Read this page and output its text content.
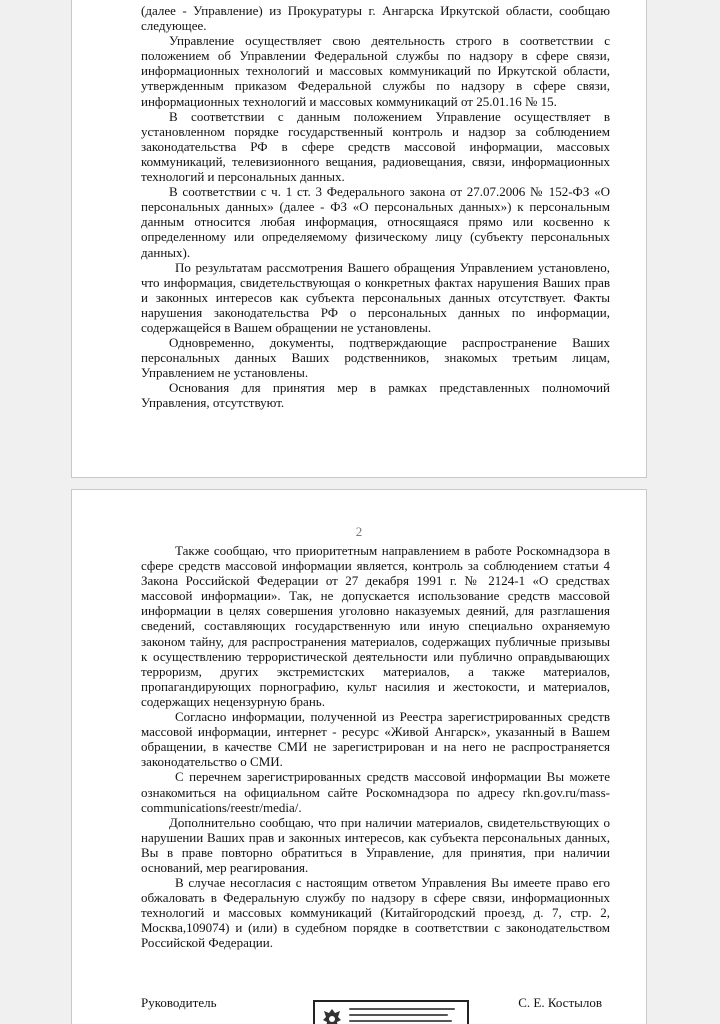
(далее - Управление) из Прокуратуры г. Ангарска Иркутской области, сообщаю следующее.

Управление осуществляет свою деятельность строго в соответствии с положением об Управлении Федеральной службы по надзору в сфере связи, информационных технологий и массовых коммуникаций по Иркутской области, утвержденным приказом Федеральной службы по надзору в сфере связи, информационных технологий и массовых коммуникаций от 25.01.16 № 15.

В соответствии с данным положением Управление осуществляет в установленном порядке государственный контроль и надзор за соблюдением законодательства РФ в сфере средств массовой информации, массовых коммуникаций, телевизионного вещания, радиовещания, связи, информационных технологий и персональных данных.

В соответствии с ч. 1 ст. 3 Федерального закона от 27.07.2006 № 152-ФЗ «О персональных данных» (далее - ФЗ «О персональных данных») к персональным данным относится любая информация, относящаяся прямо или косвенно к определенному или определяемому физическому лицу (субъекту персональных данных).

По результатам рассмотрения Вашего обращения Управлением установлено, что информация, свидетельствующая о конкретных фактах нарушения Ваших прав и законных интересов как субъекта персональных данных отсутствует. Факты нарушения законодательства РФ о персональных данных по информации, содержащейся в Вашем обращении не установлены.

Одновременно, документы, подтверждающие распространение Ваших персональных данных Ваших родственников, знакомых третьим лицам, Управлением не установлены.

Основания для принятия мер в рамках представленных полномочий Управления, отсутствуют.

2

Также сообщаю, что приоритетным направлением в работе Роскомнадзора в сфере средств массовой информации является, контроль за соблюдением статьи 4 Закона Российской Федерации от 27 декабря 1991 г. № 2124-1 «О средствах массовой информации». Так, не допускается использование средств массовой информации в целях совершения уголовно наказуемых деяний, для разглашения сведений, составляющих государственную или иную специально охраняемую законом тайну, для распространения материалов, содержащих публичные призывы к осуществлению террористической деятельности или публично оправдывающих терроризм, других экстремистских материалов, а также материалов, пропагандирующих порнографию, культ насилия и жестокости, и материалов, содержащих нецензурную брань.

Согласно информации, полученной из Реестра зарегистрированных средств массовой информации, интернет - ресурс «Живой Ангарск», указанный в Вашем обращении, в качестве СМИ не зарегистрирован и на него не распространяется законодательство о СМИ.

С перечнем зарегистрированных средств массовой информации Вы можете ознакомиться на официальном сайте Роскомнадзора по адресу rkn.gov.ru/mass-communications/reestr/media/.

Дополнительно сообщаю, что при наличии материалов, свидетельствующих о нарушении Ваших прав и законных интересов, как субъекта персональных данных, Вы в праве повторно обратиться в Управление, для принятия, при наличии оснований, мер реагирования.

В случае несогласия с настоящим ответом Управления Вы имеете право его обжаловать в Федеральную службу по надзору в сфере связи, информационных технологий и массовых коммуникаций (Китайгородский проезд, д. 7, стр. 2, Москва,109074) и (или) в судебном порядке в соответствии с законодательством Российской Федерации.

Руководитель	С. Е. Костылов
